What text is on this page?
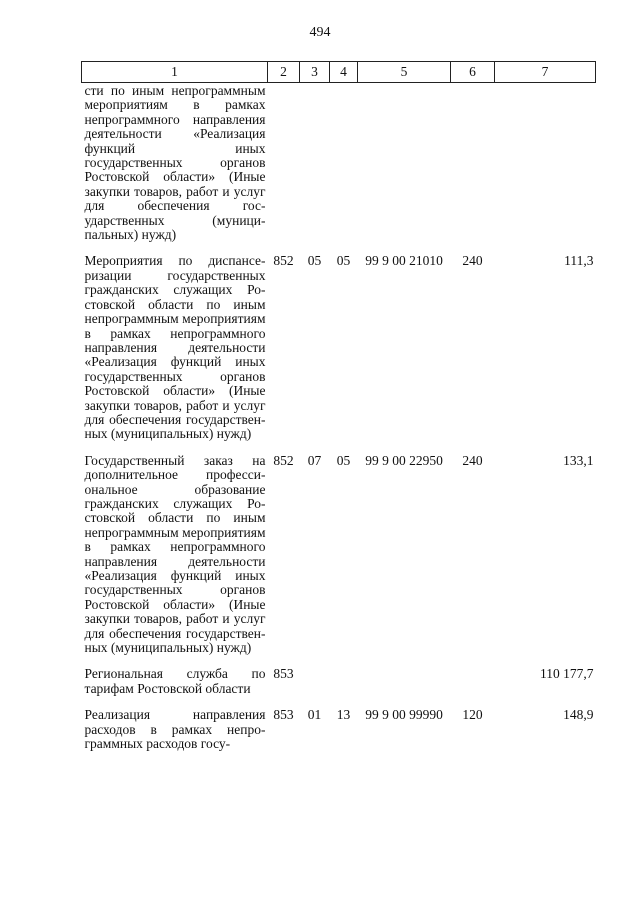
494
1	2	3	4	5	6	7
сти по иным непрограммным мероприятиям в рамках непрограммного направления деятельности «Реализация функций иных государственных органов Ростовской области» (Иные закупки товаров, работ и услуг для обеспечения государственных (муниципальных) нужд)						
Мероприятия по диспансеризации государственных гражданских служащих Ростовской области по иным непрограммным мероприятиям в рамках непрограммного направления деятельности «Реализация функций иных государственных органов Ростовской области» (Иные закупки товаров, работ и услуг для обеспечения государственных (муниципальных) нужд)	852	05	05	99 9 00 21010	240	111,3
Государственный заказ на дополнительное профессиональное образование гражданских служащих Ростовской области по иным непрограммным мероприятиям в рамках непрограммного направления деятельности «Реализация функций иных государственных органов Ростовской области» (Иные закупки товаров, работ и услуг для обеспечения государственных (муниципальных) нужд)	852	07	05	99 9 00 22950	240	133,1
Региональная служба по тарифам Ростовской области	853					110 177,7
Реализация направления расходов в рамках непрограммных расходов госу-	853	01	13	99 9 00 99990	120	148,9
